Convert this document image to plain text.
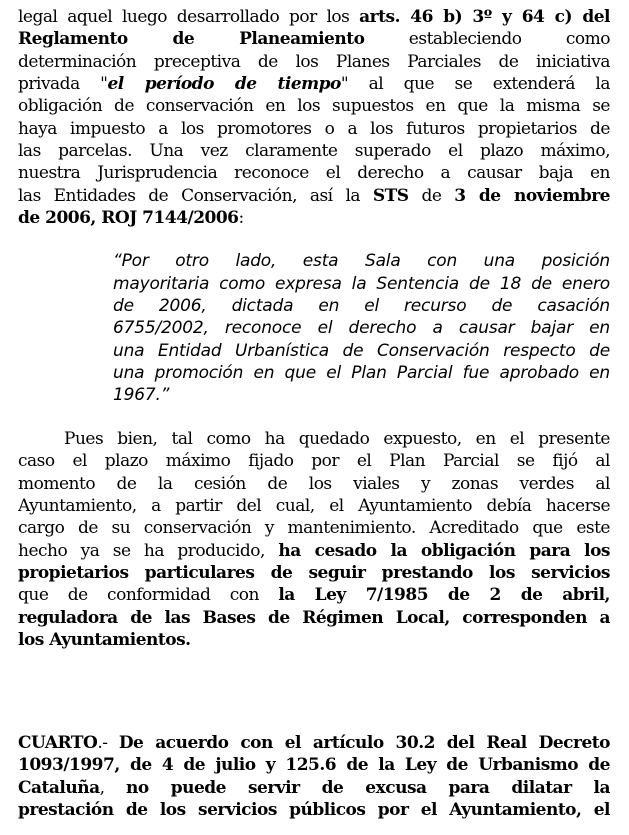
legal aquel luego desarrollado por los arts. 46 b) 3º y 64 c) del
Reglamento de Planeamiento estableciendo como
determinación preceptiva de los Planes Parciales de iniciativa
privada "el período de tiempo" al que se extenderá la
obligación de conservación en los supuestos en que la misma se
haya impuesto a los promotores o a los futuros propietarios de
las parcelas. Una vez claramente superado el plazo máximo,
nuestra Jurisprudencia reconoce el derecho a causar baja en
las Entidades de Conservación, así la STS de 3 de noviembre
de 2006, ROJ 7144/2006:
“Por otro lado, esta Sala con una posición
mayoritaria como expresa la Sentencia de 18 de enero
de 2006, dictada en el recurso de casación
6755/2002, reconoce el derecho a causar bajar en
una Entidad Urbanística de Conservación respecto de
una promoción en que el Plan Parcial fue aprobado en
1967.”
Pues bien, tal como ha quedado expuesto, en el presente
caso el plazo máximo fijado por el Plan Parcial se fijó al
momento de la cesión de los viales y zonas verdes al
Ayuntamiento, a partir del cual, el Ayuntamiento debía hacerse
cargo de su conservación y mantenimiento. Acreditado que este
hecho ya se ha producido, ha cesado la obligación para los
propietarios particulares de seguir prestando los servicios
que de conformidad con la Ley 7/1985 de 2 de abril,
reguladora de las Bases de Régimen Local, corresponden a
los Ayuntamientos.
CUARTO.- De acuerdo con el artículo 30.2 del Real Decreto
1093/1997, de 4 de julio y 125.6 de la Ley de Urbanismo de
Cataluña, no puede servir de excusa para dilatar la
prestación de los servicios públicos por el Ayuntamiento, el
